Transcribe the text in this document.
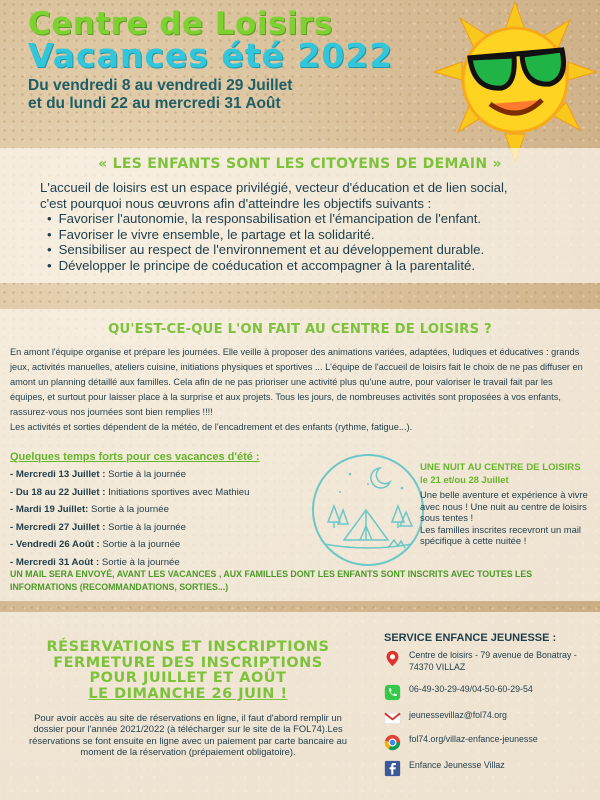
Centre de Loisirs
Vacances été 2022
Du vendredi 8 au vendredi 29 Juillet
et du lundi 22 au mercredi 31 Août
« LES ENFANTS SONT LES CITOYENS DE DEMAIN »
L'accueil de loisirs est un espace privilégié, vecteur d'éducation et de lien social,
c'est pourquoi nous œuvrons afin d'atteindre les objectifs suivants :
• Favoriser l'autonomie, la responsabilisation et l'émancipation de l'enfant.
• Favoriser le vivre ensemble, le partage et la solidarité.
• Sensibiliser au respect de l'environnement et au développement durable.
• Développer le principe de coéducation et accompagner à la parentalité.
QU'EST-CE-QUE L'ON FAIT AU CENTRE DE LOISIRS ?
En amont l'équipe organise et prépare les journées. Elle veille à proposer des animations variées, adaptées, ludiques et éducatives : grands jeux, activités manuelles, ateliers cuisine, initiations physiques et sportives ... L'équipe de l'accueil de loisirs fait le choix de ne pas diffuser en amont un planning détaillé aux familles. Cela afin de ne pas prioriser une activité plus qu'une autre, pour valoriser le travail fait par les équipes, et surtout pour laisser place à la surprise et aux projets. Tous les jours, de nombreuses activités sont proposées à vos enfants, rassurez-vous nos journées sont bien remplies !!!!
Les activités et sorties dépendent de la météo, de l'encadrement et des enfants (rythme, fatigue...).
Quelques temps forts pour ces vacances d'été :
- Mercredi 13 Juillet : Sortie à la journée
- Du 18 au 22 Juillet : Initiations sportives avec Mathieu
- Mardi 19 Juillet: Sortie à la journée
- Mercredi 27 Juillet : Sortie à la journée
- Vendredi 26 Août : Sortie à la journée
- Mercredi 31 Août : Sortie à la journée
UNE NUIT AU CENTRE DE LOISIRS
le 21 et/ou 28 Juillet
Une belle aventure et expérience à vivre avec nous ! Une nuit au centre de loisirs sous tentes !
Les familles inscrites recevront un mail spécifique à cette nuitée !
UN MAIL SERA ENVOYÉ, AVANT LES VACANCES , AUX FAMILLES DONT LES ENFANTS SONT INSCRITS AVEC TOUTES LES INFORMATIONS (RECOMMANDATIONS, SORTIES...)
RÉSERVATIONS ET INSCRIPTIONS
FERMETURE DES INSCRIPTIONS
POUR JUILLET ET AOÛT
LE DIMANCHE 26 JUIN !
Pour avoir accès au site de réservations en ligne, il faut d'abord remplir un dossier pour l'année 2021/2022 (à télécharger sur le site de la FOL74).Les réservations se font ensuite en ligne avec un paiement par carte bancaire au moment de la réservation (prépaiement obligatoire).
SERVICE ENFANCE JEUNESSE :
Centre de loisirs - 79 avenue de Bonatray - 74370 VILLAZ
06-49-30-29-49/04-50-60-29-54
jeunessevillaz@fol74.org
fol74.org/villaz-enfance-jeunesse
Enfance Jeunesse Villaz
